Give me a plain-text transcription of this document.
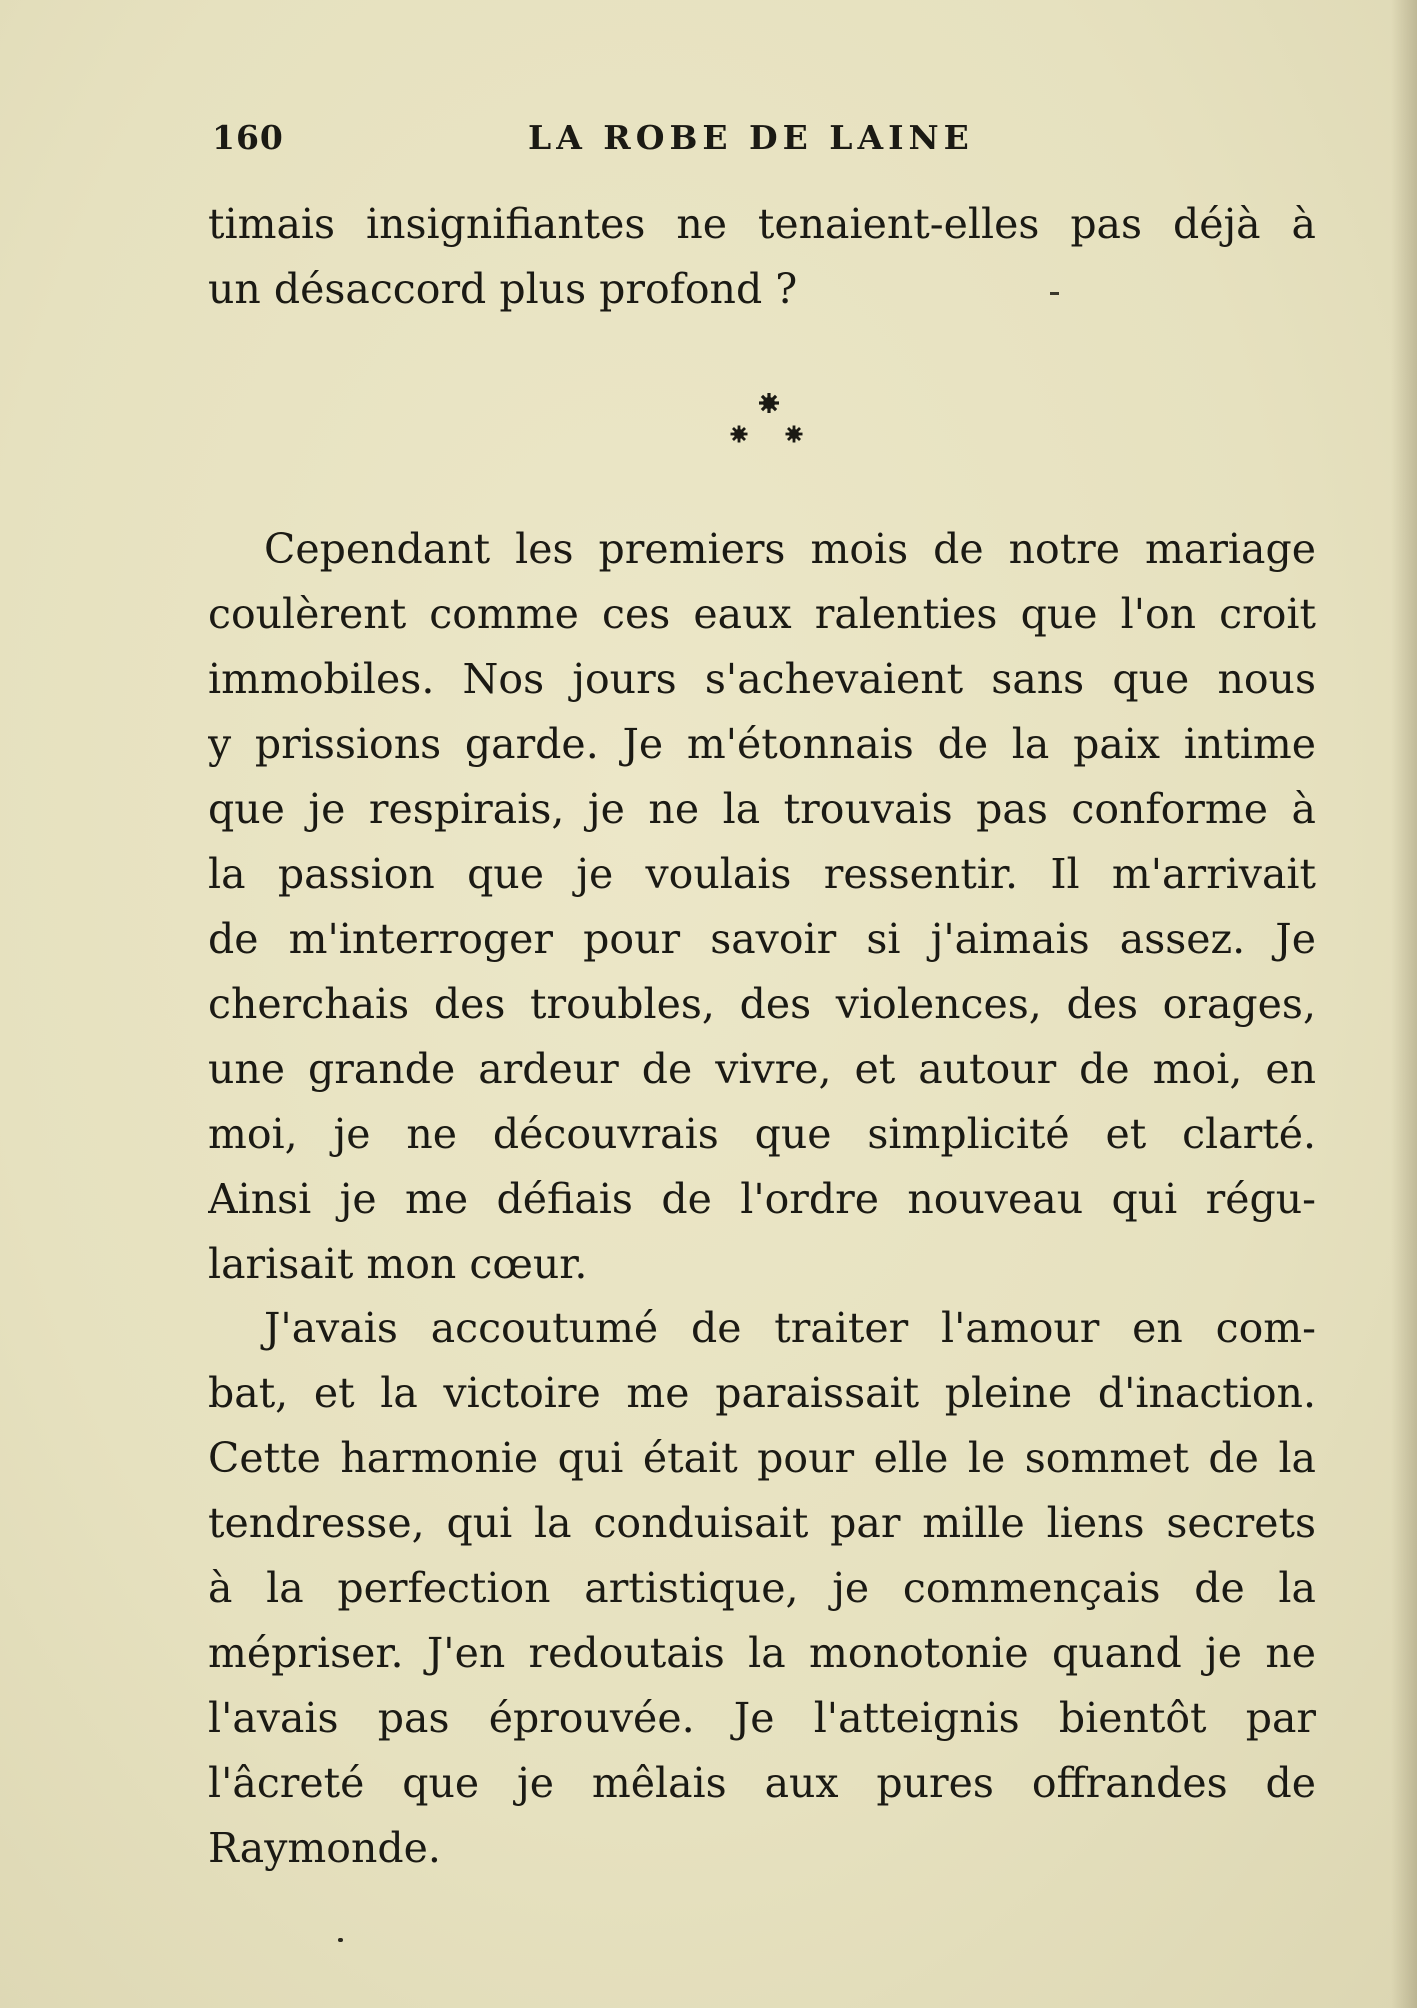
160	LA ROBE DE LAINE
timais insignifiantes ne tenaient-elles pas déjà à
un désaccord plus profond ?
Cependant les premiers mois de notre mariage
coulèrent comme ces eaux ralenties que l'on croit
immobiles. Nos jours s'achevaient sans que nous
y prissions garde. Je m'étonnais de la paix intime
que je respirais, je ne la trouvais pas conforme à
la passion que je voulais ressentir. Il m'arrivait
de m'interroger pour savoir si j'aimais assez. Je
cherchais des troubles, des violences, des orages,
une grande ardeur de vivre, et autour de moi, en
moi, je ne découvrais que simplicité et clarté.
Ainsi je me défiais de l'ordre nouveau qui régu-
larisait mon cœur.
J'avais accoutumé de traiter l'amour en com-
bat, et la victoire me paraissait pleine d'inaction.
Cette harmonie qui était pour elle le sommet de la
tendresse, qui la conduisait par mille liens secrets
à la perfection artistique, je commençais de la
mépriser. J'en redoutais la monotonie quand je ne
l'avais pas éprouvée. Je l'atteignis bientôt par
l'âcreté que je mêlais aux pures offrandes de
Raymonde.
